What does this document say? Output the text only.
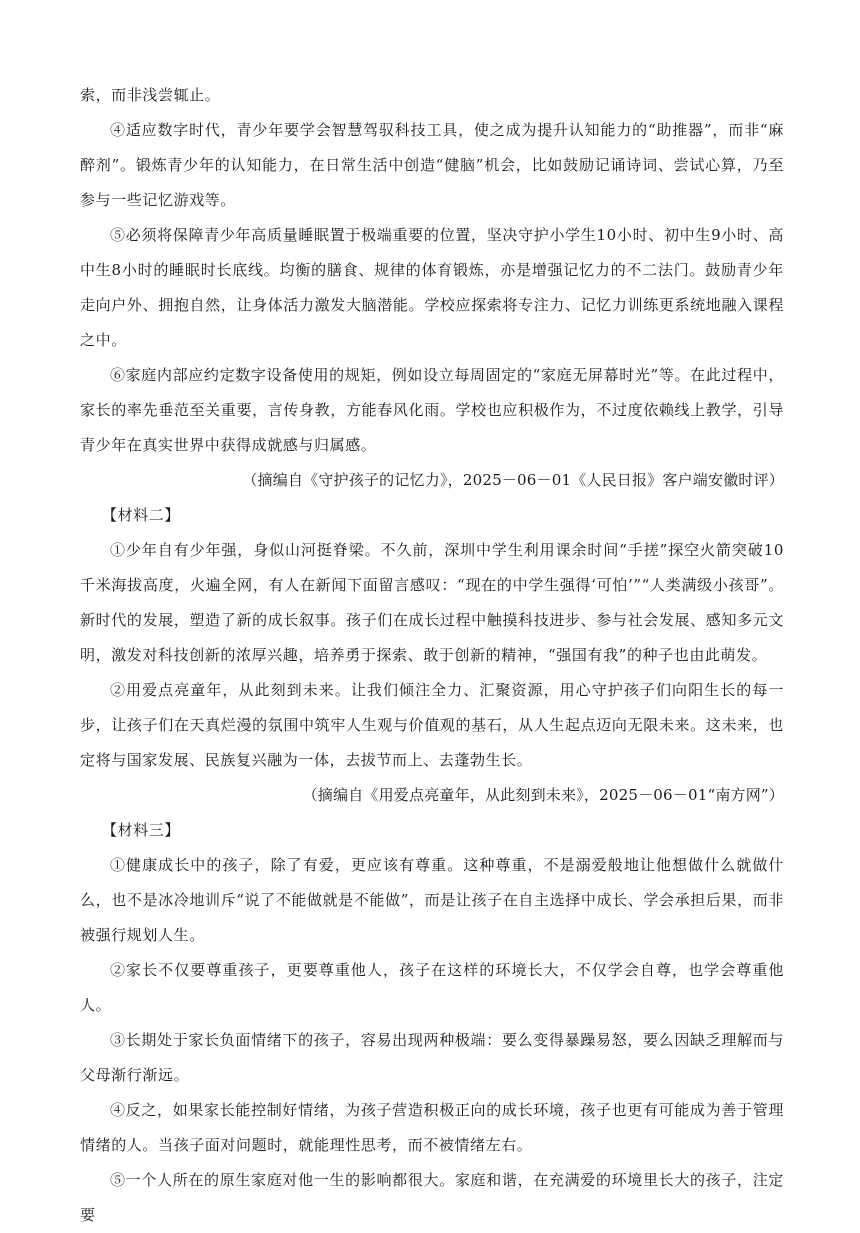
索，而非浅尝辄止。

④适应数字时代，青少年要学会智慧驾驭科技工具，使之成为提升认知能力的“助推器”，而非“麻醉剂”。锻炼青少年的认知能力，在日常生活中创造“健脑”机会，比如鼓励记诵诗词、尝试心算，乃至参与一些记忆游戏等。

⑤必须将保障青少年高质量睡眠置于极端重要的位置，坚决守护小学生10小时、初中生9小时、高中生8小时的睡眠时长底线。均衡的膳食、规律的体育锻炼，亦是增强记忆力的不二法门。鼓励青少年走向户外、拥抱自然，让身体活力激发大脑潜能。学校应探索将专注力、记忆力训练更系统地融入课程之中。

⑥家庭内部应约定数字设备使用的规矩，例如设立每周固定的“家庭无屏幕时光”等。在此过程中，家长的率先垂范至关重要，言传身教，方能春风化雨。学校也应积极作为，不过度依赖线上教学，引导青少年在真实世界中获得成就感与归属感。

（摘编自《守护孩子的记忆力》，2025－06－01《人民日报》客户端安徽时评）

【材料二】

①少年自有少年强，身似山河挺脊梁。不久前，深圳中学生利用课余时间“手搓”探空火箭突破10千米海拔高度，火遍全网，有人在新闻下面留言感叹：“现在的中学生强得‘可怕’”“人类满级小孩哥”。新时代的发展，塑造了新的成长叙事。孩子们在成长过程中触摸科技进步、参与社会发展、感知多元文明，激发对科技创新的浓厚兴趣，培养勇于探索、敢于创新的精神，“强国有我”的种子也由此萌发。

②用爱点亮童年，从此刻到未来。让我们倾注全力、汇聚资源，用心守护孩子们向阳生长的每一步，让孩子们在天真烂漫的氛围中筑牢人生观与价值观的基石，从人生起点迈向无限未来。这未来，也定将与国家发展、民族复兴融为一体，去拔节而上、去蓬勃生长。

（摘编自《用爱点亮童年，从此刻到未来》，2025－06－01“南方网”）

【材料三】

①健康成长中的孩子，除了有爱，更应该有尊重。这种尊重，不是溺爱般地让他想做什么就做什么，也不是冰冷地训斥“说了不能做就是不能做”，而是让孩子在自主选择中成长、学会承担后果，而非被强行规划人生。

②家长不仅要尊重孩子，更要尊重他人，孩子在这样的环境长大，不仅学会自尊，也学会尊重他人。

③长期处于家长负面情绪下的孩子，容易出现两种极端：要么变得暴躁易怒，要么因缺乏理解而与父母渐行渐远。

④反之，如果家长能控制好情绪，为孩子营造积极正向的成长环境，孩子也更有可能成为善于管理情绪的人。当孩子面对问题时，就能理性思考，而不被情绪左右。

⑤一个人所在的原生家庭对他一生的影响都很大。家庭和谐，在充满爱的环境里长大的孩子，注定要
